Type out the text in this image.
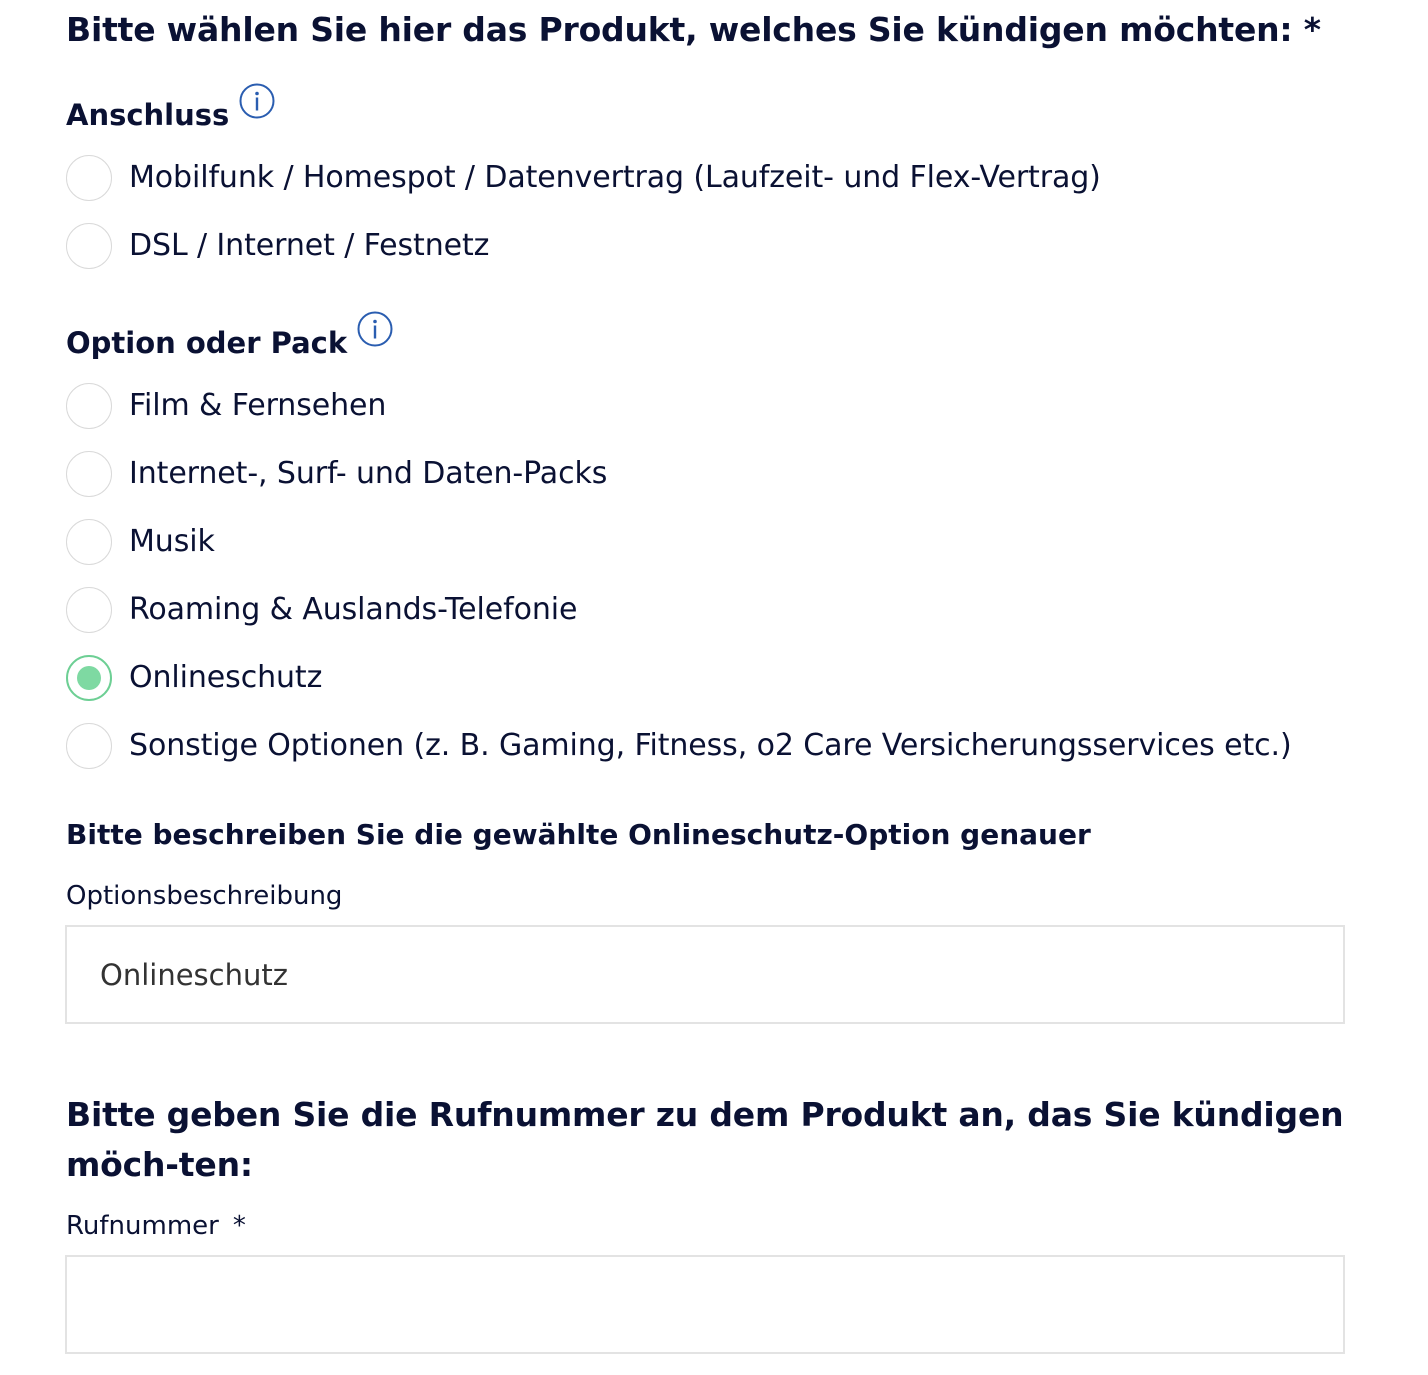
Bitte wählen Sie hier das Produkt, welches Sie kündigen möchten: *
Anschluss
Mobilfunk / Homespot / Datenvertrag (Laufzeit- und Flex-Vertrag)
DSL / Internet / Festnetz
Option oder Pack
Film & Fernsehen
Internet-, Surf- und Daten-Packs
Musik
Roaming & Auslands-Telefonie
Onlineschutz
Sonstige Optionen (z. B. Gaming, Fitness, o2 Care Versicherungsservices etc.)
Bitte beschreiben Sie die gewählte Onlineschutz-Option genauer
Optionsbeschreibung
Onlineschutz
Bitte geben Sie die Rufnummer zu dem Produkt an, das Sie kündigen möch-ten:
Rufnummer *
